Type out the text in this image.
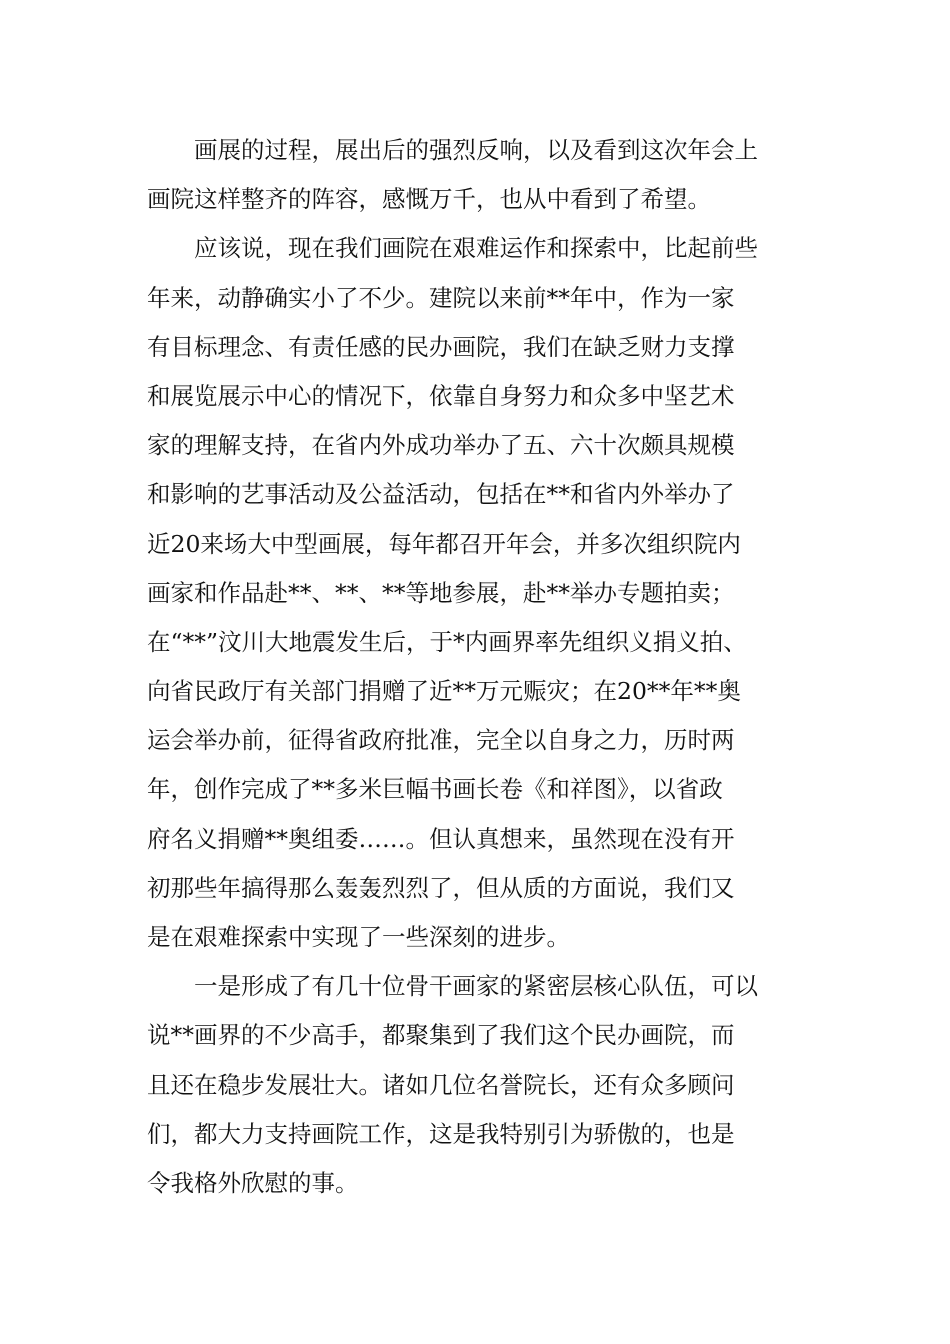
画展的过程，展出后的强烈反响，以及看到这次年会上
画院这样整齐的阵容，感慨万千，也从中看到了希望。
应该说，现在我们画院在艰难运作和探索中，比起前些
年来，动静确实小了不少。建院以来前**年中，作为一家
有目标理念、有责任感的民办画院，我们在缺乏财力支撑
和展览展示中心的情况下，依靠自身努力和众多中坚艺术
家的理解支持，在省内外成功举办了五、六十次颇具规模
和影响的艺事活动及公益活动，包括在**和省内外举办了
近20来场大中型画展，每年都召开年会，并多次组织院内
画家和作品赴**、**、**等地参展，赴**举办专题拍卖；
在“**”汶川大地震发生后，于*内画界率先组织义捐义拍、
向省民政厅有关部门捐赠了近**万元赈灾；在20**年**奥
运会举办前，征得省政府批准，完全以自身之力，历时两
年，创作完成了**多米巨幅书画长卷《和祥图》，以省政
府名义捐赠**奥组委……。但认真想来，虽然现在没有开
初那些年搞得那么轰轰烈烈了，但从质的方面说，我们又
是在艰难探索中实现了一些深刻的进步。
一是形成了有几十位骨干画家的紧密层核心队伍，可以
说**画界的不少高手，都聚集到了我们这个民办画院，而
且还在稳步发展壮大。诸如几位名誉院长，还有众多顾问
们，都大力支持画院工作，这是我特别引为骄傲的，也是
令我格外欣慰的事。
